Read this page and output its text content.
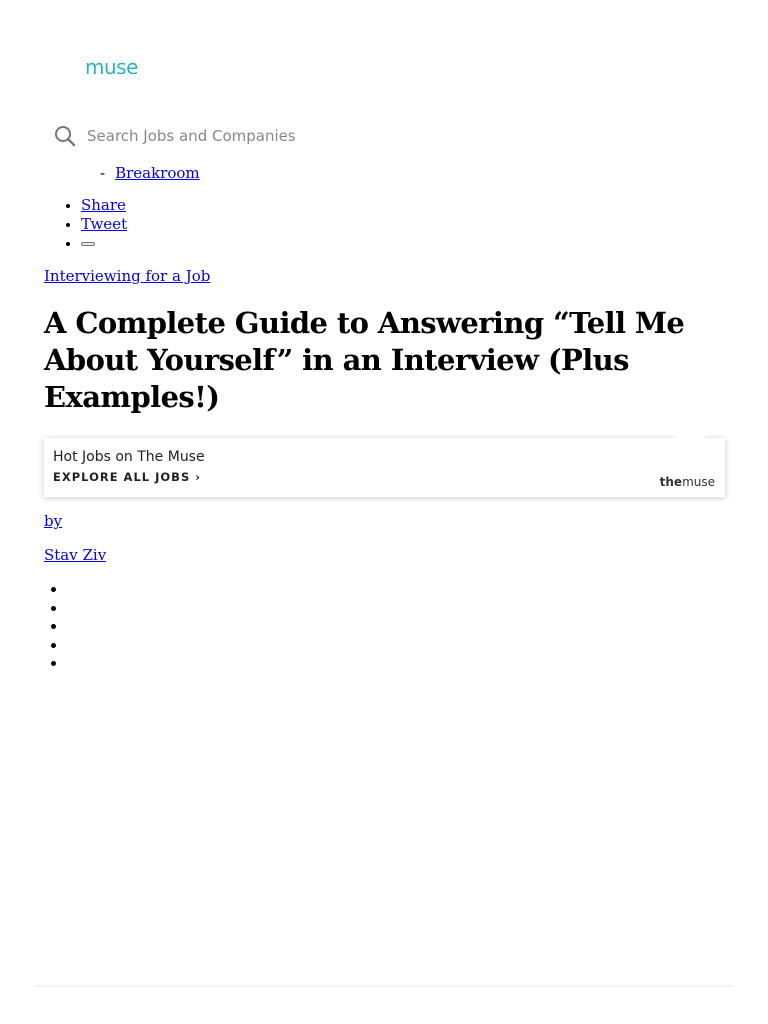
muse
Search Jobs and Companies
- Breakroom
• Share
• Tweet
•
Interviewing for a Job
A Complete Guide to Answering “Tell Me About Yourself” in an Interview (Plus Examples!)
Hot Jobs on The Muse
EXPLORE ALL JOBS ›	themuse
by
Stav Ziv
